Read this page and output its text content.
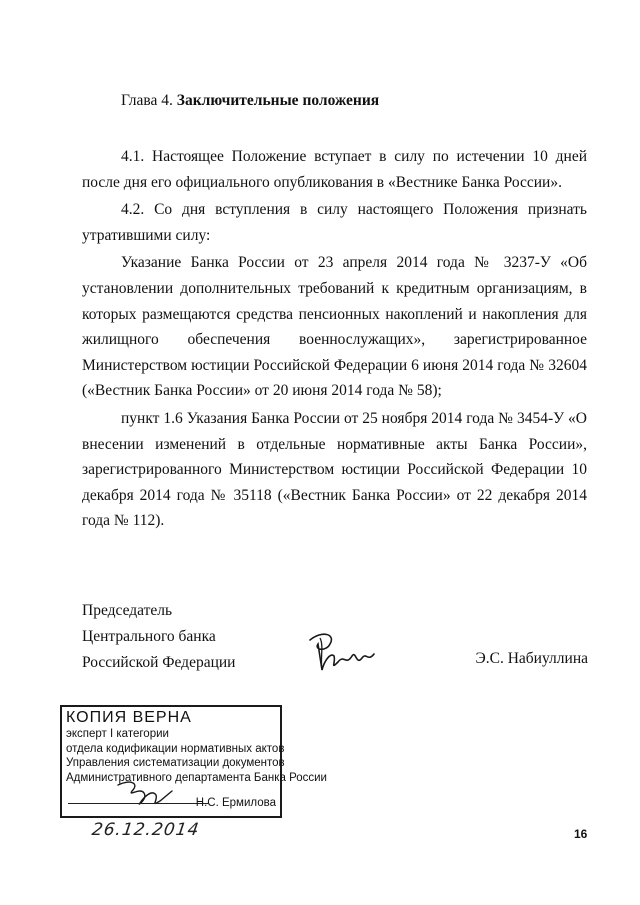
Глава 4. Заключительные положения

4.1. Настоящее Положение вступает в силу по истечении 10 дней после дня его официального опубликования в «Вестнике Банка России».

4.2. Со дня вступления в силу настоящего Положения признать утратившими силу:

Указание Банка России от 23 апреля 2014 года № 3237-У «Об установлении дополнительных требований к кредитным организациям, в которых размещаются средства пенсионных накоплений и накопления для жилищного обеспечения военнослужащих», зарегистрированное Министерством юстиции Российской Федерации 6 июня 2014 года № 32604 («Вестник Банка России» от 20 июня 2014 года № 58);

пункт 1.6 Указания Банка России от 25 ноября 2014 года № 3454-У «О внесении изменений в отдельные нормативные акты Банка России», зарегистрированного Министерством юстиции Российской Федерации 10 декабря 2014 года № 35118 («Вестник Банка России» от 22 декабря 2014 года № 112).

Председатель
Центрального банка
Российской Федерации	Э.С. Набиуллина
КОПИЯ ВЕРНА
эксперт I категории
отдела кодификации нормативных актов
Управления систематизации документов
Административного департамента Банка России
Н.С. Ермилова
26.12.2014	16
